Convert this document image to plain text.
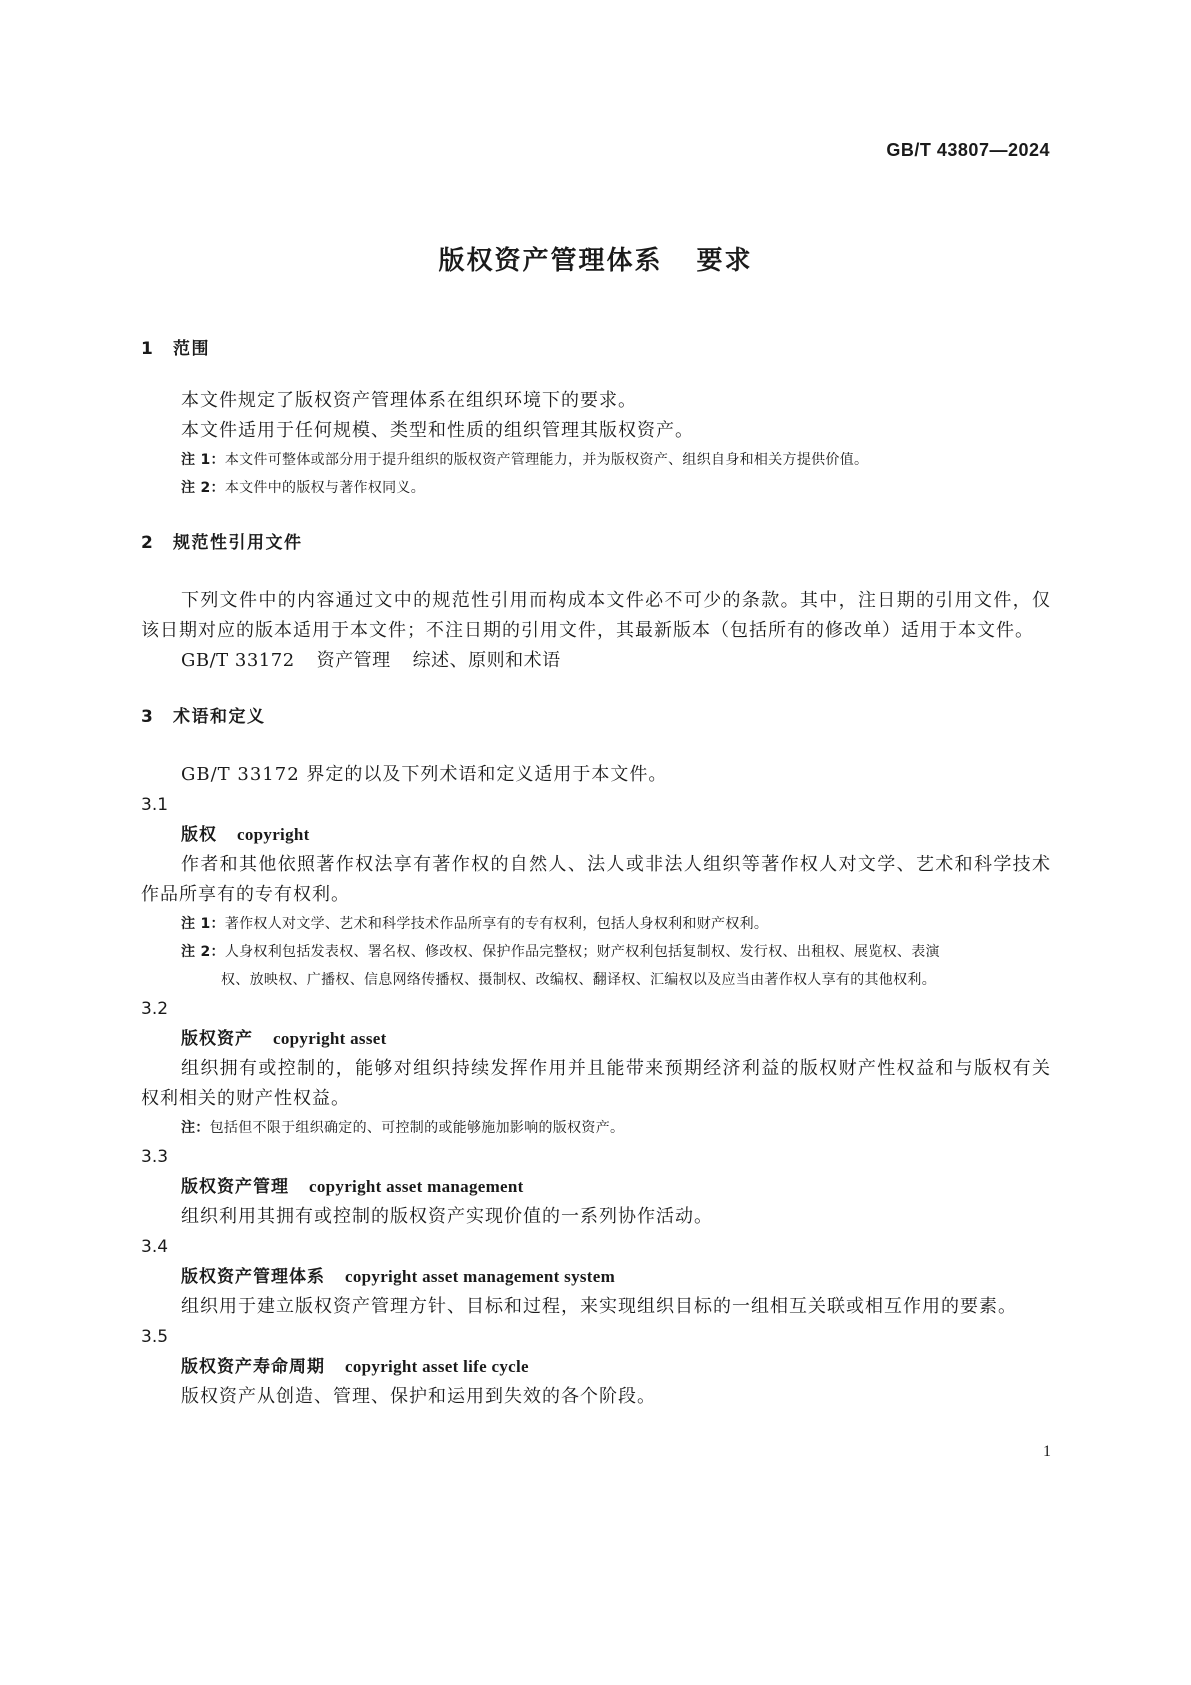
GB/T 43807—2024
版权资产管理体系 要求
1 范围
本文件规定了版权资产管理体系在组织环境下的要求。
本文件适用于任何规模、类型和性质的组织管理其版权资产。
注 1：本文件可整体或部分用于提升组织的版权资产管理能力，并为版权资产、组织自身和相关方提供价值。
注 2：本文件中的版权与著作权同义。
2 规范性引用文件
下列文件中的内容通过文中的规范性引用而构成本文件必不可少的条款。其中，注日期的引用文件，仅该日期对应的版本适用于本文件；不注日期的引用文件，其最新版本（包括所有的修改单）适用于本文件。
GB/T 33172 资产管理 综述、原则和术语
3 术语和定义
GB/T 33172 界定的以及下列术语和定义适用于本文件。
3.1
版权 copyright
作者和其他依照著作权法享有著作权的自然人、法人或非法人组织等著作权人对文学、艺术和科学技术作品所享有的专有权利。
注 1：著作权人对文学、艺术和科学技术作品所享有的专有权利，包括人身权利和财产权利。
注 2：人身权利包括发表权、署名权、修改权、保护作品完整权；财产权利包括复制权、发行权、出租权、展览权、表演
权、放映权、广播权、信息网络传播权、摄制权、改编权、翻译权、汇编权以及应当由著作权人享有的其他权利。
3.2
版权资产 copyright asset
组织拥有或控制的，能够对组织持续发挥作用并且能带来预期经济利益的版权财产性权益和与版权有关权利相关的财产性权益。
注：包括但不限于组织确定的、可控制的或能够施加影响的版权资产。
3.3
版权资产管理 copyright asset management
组织利用其拥有或控制的版权资产实现价值的一系列协作活动。
3.4
版权资产管理体系 copyright asset management system
组织用于建立版权资产管理方针、目标和过程，来实现组织目标的一组相互关联或相互作用的要素。
3.5
版权资产寿命周期 copyright asset life cycle
版权资产从创造、管理、保护和运用到失效的各个阶段。
1
